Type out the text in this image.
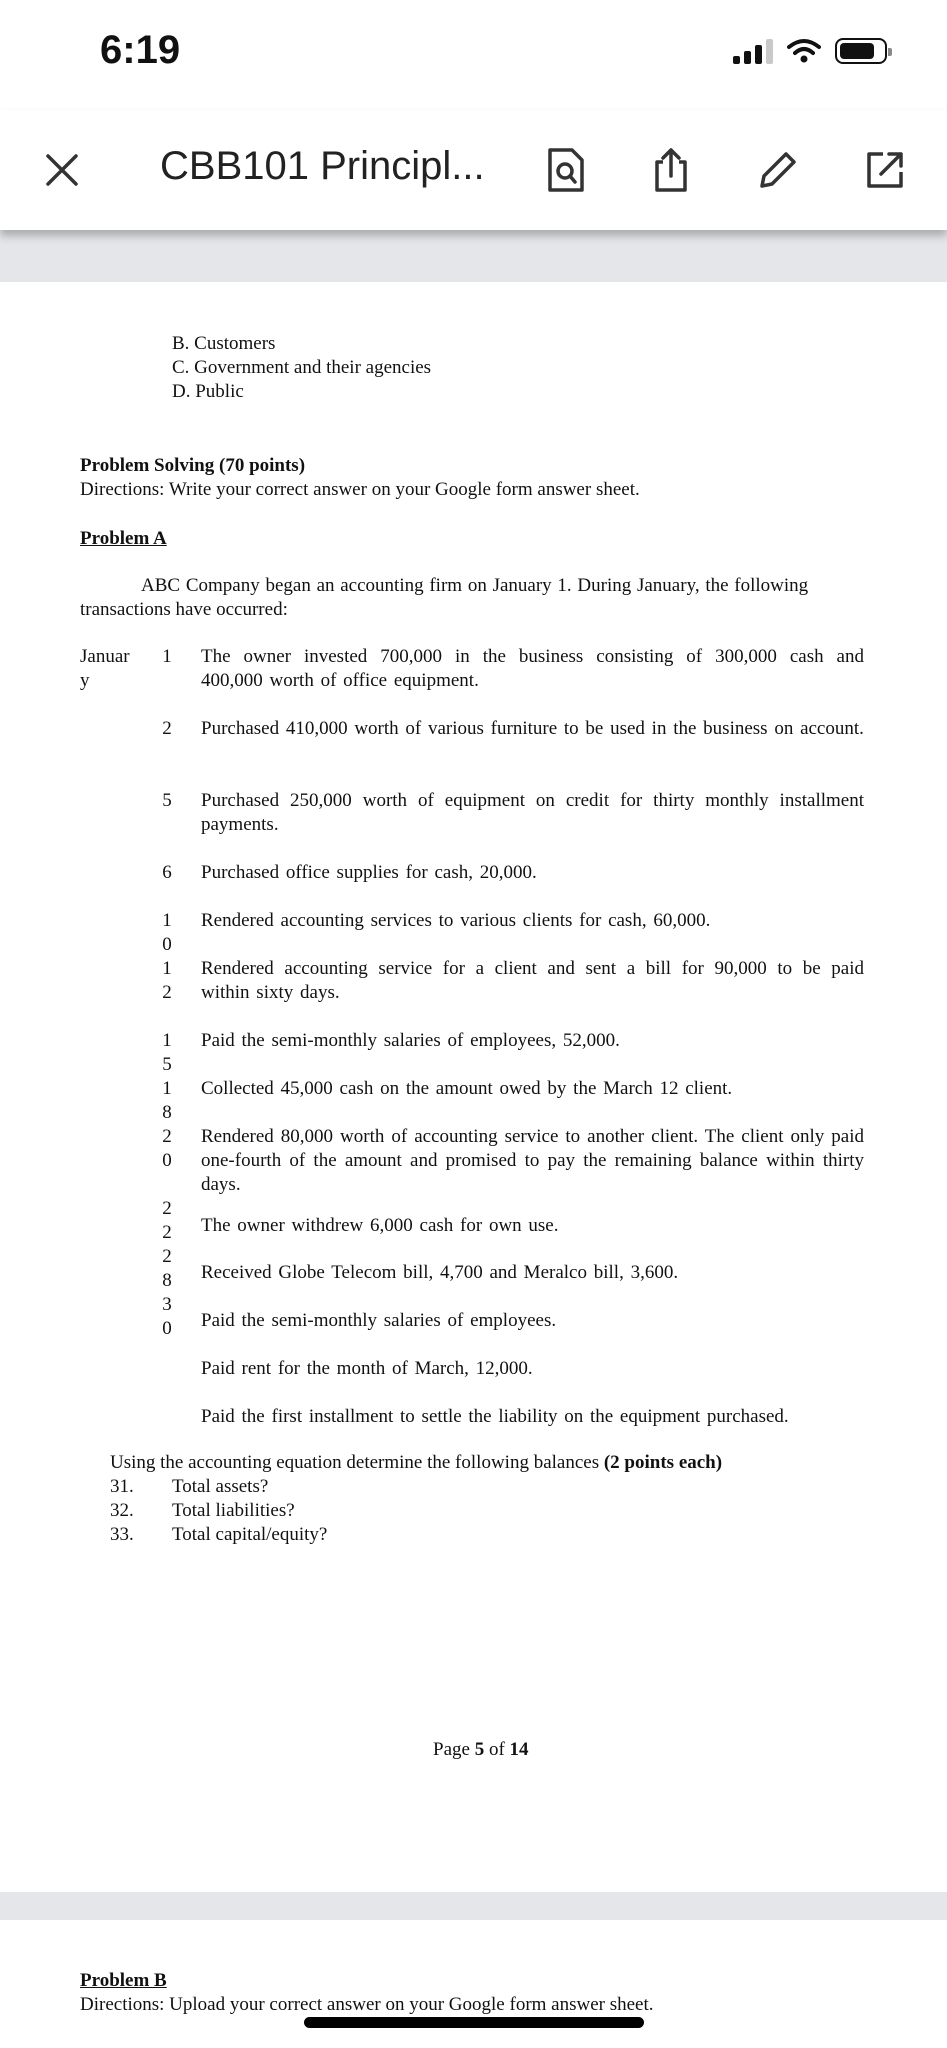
6:19
CBB101 Principl...

B. Customers

C. Government and their agencies

D. Public

Problem Solving (70 points)

Directions: Write your correct answer on your Google form answer sheet.

Problem A

ABC Company began an accounting firm on January 1. During January, the following

transactions have occurred:

Januar

y

1

2

5

6

1

0

1

2

1

5

1

8

2

0

2

2

2

8

3

0

The owner invested 700,000 in the business consisting of 300,000 cash and 400,000 worth of office equipment.

Purchased 410,000 worth of various furniture to be used in the business on account.

Purchased 250,000 worth of equipment on credit for thirty monthly installment payments.

Purchased office supplies for cash, 20,000.

Rendered accounting services to various clients for cash, 60,000.

Rendered accounting service for a client and sent a bill for 90,000 to be paid within sixty days.

Paid the semi-monthly salaries of employees, 52,000.

Collected 45,000 cash on the amount owed by the March 12 client.

Rendered 80,000 worth of accounting service to another client. The client only paid one-fourth of the amount and promised to pay the remaining balance within thirty days.

The owner withdrew 6,000 cash for own use.

Received Globe Telecom bill, 4,700 and Meralco bill, 3,600.

Paid the semi-monthly salaries of employees.

Paid rent for the month of March, 12,000.

Paid the first installment to settle the liability on the equipment purchased.

Using the accounting equation determine the following balances (2 points each)

31. Total assets?

32. Total liabilities?

33. Total capital/equity?

Page 5 of 14

Problem B

Directions: Upload your correct answer on your Google form answer sheet.
